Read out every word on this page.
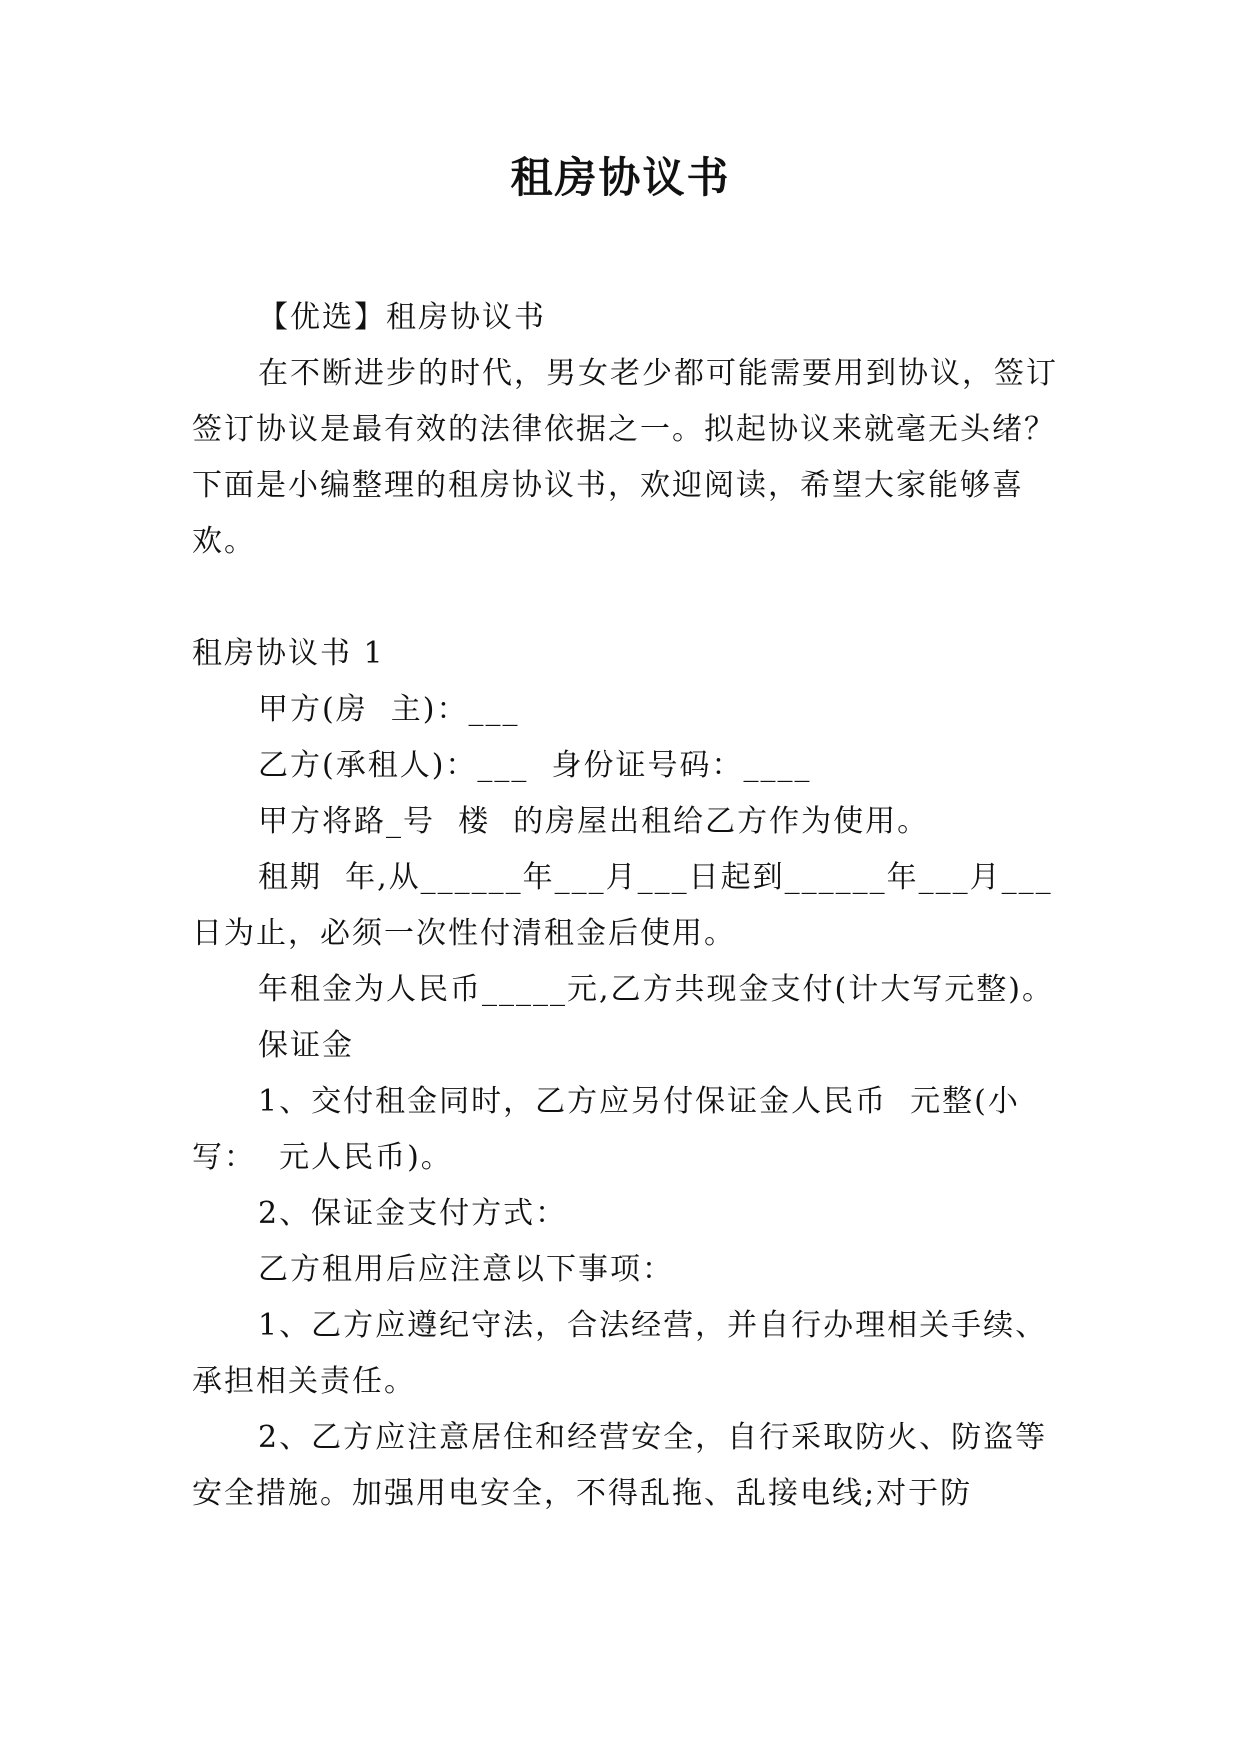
租房协议书

【优选】租房协议书

在不断进步的时代，男女老少都可能需要用到协议，签订签订协议是最有效的法律依据之一。拟起协议来就毫无头绪？下面是小编整理的租房协议书，欢迎阅读，希望大家能够喜欢。

租房协议书 1

甲方(房  主)：___

乙方(承租人)：___  身份证号码：____

甲方将路_号  楼  的房屋出租给乙方作为使用。

租期  年,从______年___月___日起到______年___月___日为止，必须一次性付清租金后使用。

年租金为人民币_____元,乙方共现金支付(计大写元整)。

保证金

1、交付租金同时，乙方应另付保证金人民币  元整(小写：  元人民币)。

2、保证金支付方式：

乙方租用后应注意以下事项：

1、乙方应遵纪守法，合法经营，并自行办理相关手续、承担相关责任。

2、乙方应注意居住和经营安全，自行采取防火、防盗等安全措施。加强用电安全，不得乱拖、乱接电线;对于防
